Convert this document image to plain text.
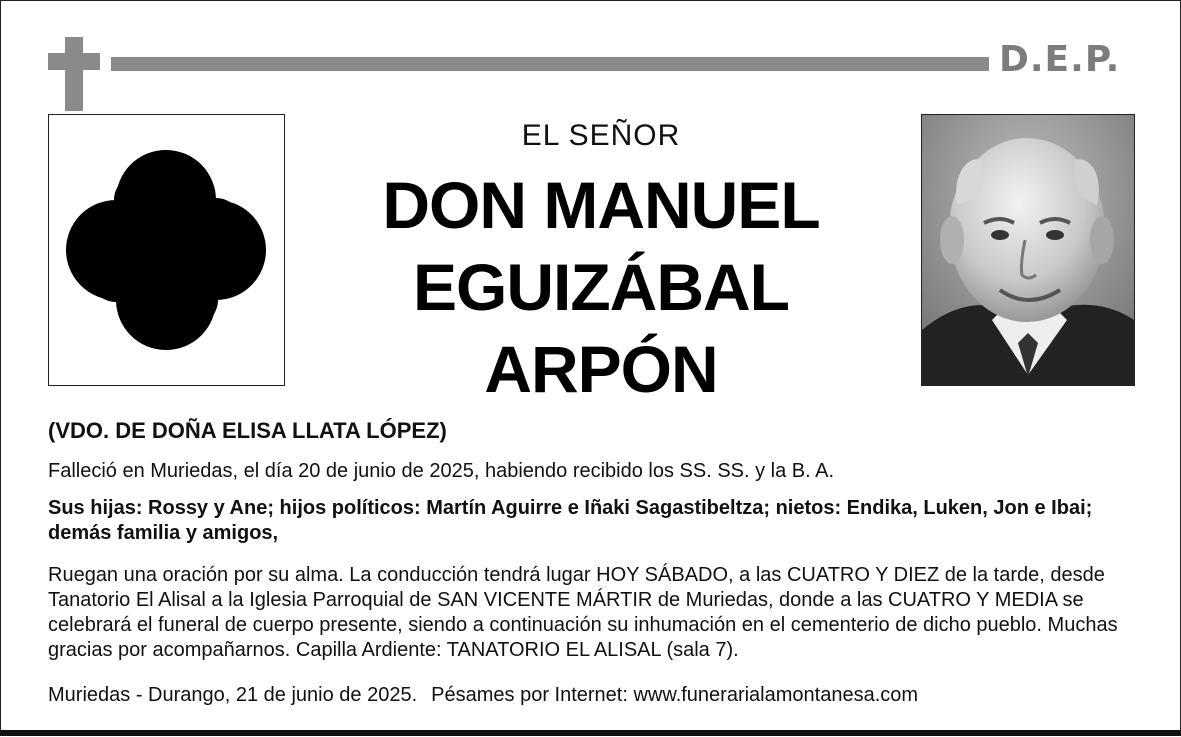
D.E.P.
EL SEÑOR
DON MANUEL
EGUIZÁBAL
ARPÓN
(VDO. DE DOÑA ELISA LLATA LÓPEZ)
Falleció en Muriedas, el día 20 de junio de 2025, habiendo recibido los SS. SS. y la B. A.
Sus hijas: Rossy y Ane; hijos políticos: Martín Aguirre e Iñaki Sagastibeltza; nietos: Endika, Luken, Jon e Ibai; demás familia y amigos,
Ruegan una oración por su alma. La conducción tendrá lugar HOY SÁBADO, a las CUATRO Y DIEZ de la tarde, desde Tanatorio El Alisal a la Iglesia Parroquial de SAN VICENTE MÁRTIR de Muriedas, donde a las CUATRO Y MEDIA se celebrará el funeral de cuerpo presente, siendo a continuación su inhumación en el cementerio de dicho pueblo. Muchas gracias por acompañarnos. Capilla Ardiente: TANATORIO EL ALISAL (sala 7).
Muriedas - Durango, 21 de junio de 2025. Pésames por Internet: www.funerarialamontanesa.com
